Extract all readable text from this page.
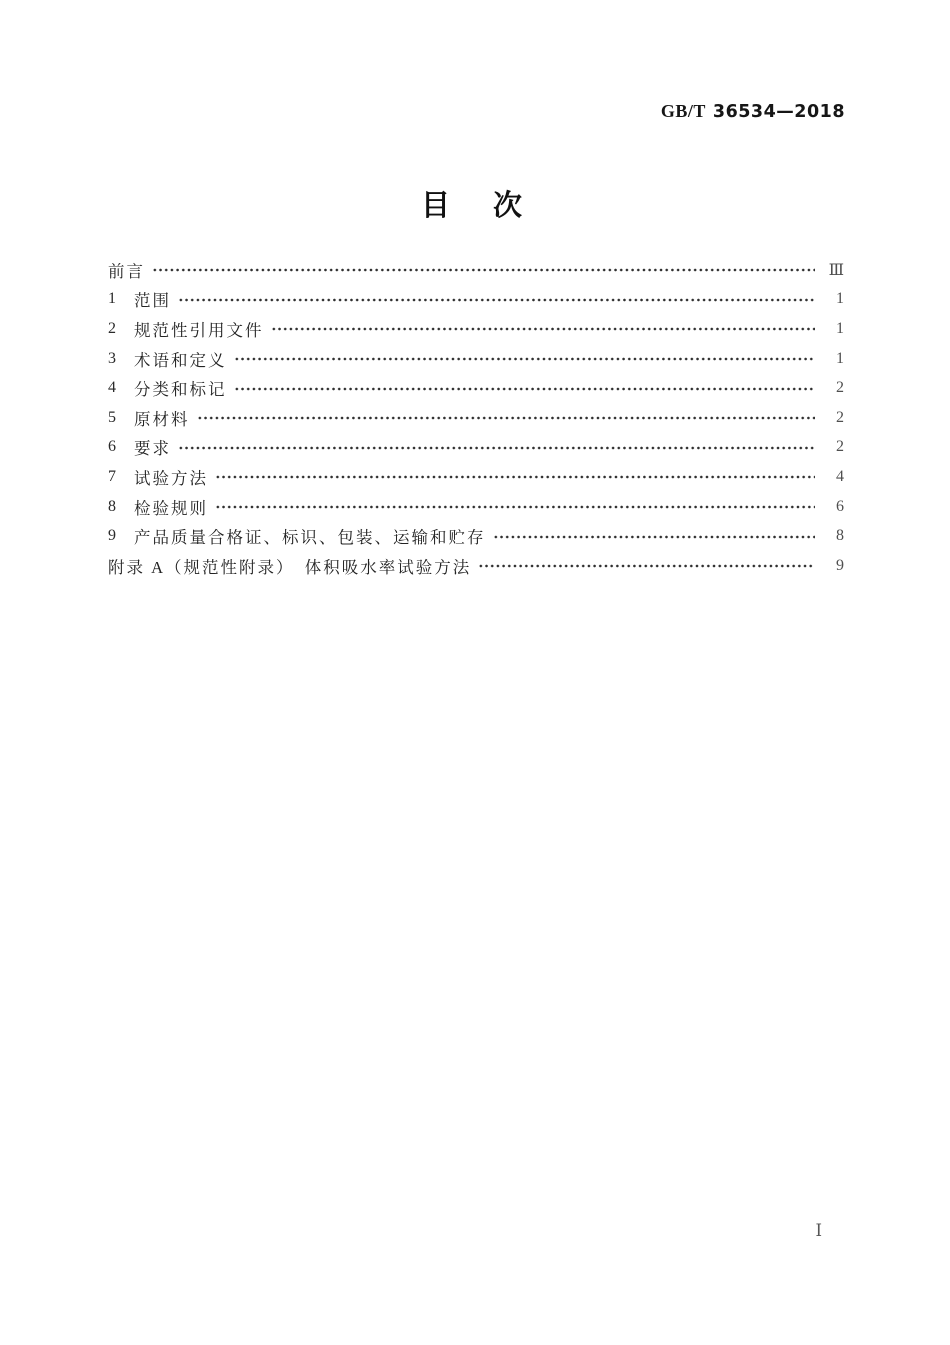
GB/T 36534—2018
目　次
前言	Ⅲ
1	范围	1
2	规范性引用文件	1
3	术语和定义	1
4	分类和标记	2
5	原材料	2
6	要求	2
7	试验方法	4
8	检验规则	6
9	产品质量合格证、标识、包装、运输和贮存	8
附录 A（规范性附录）　体积吸水率试验方法	9
Ⅰ
